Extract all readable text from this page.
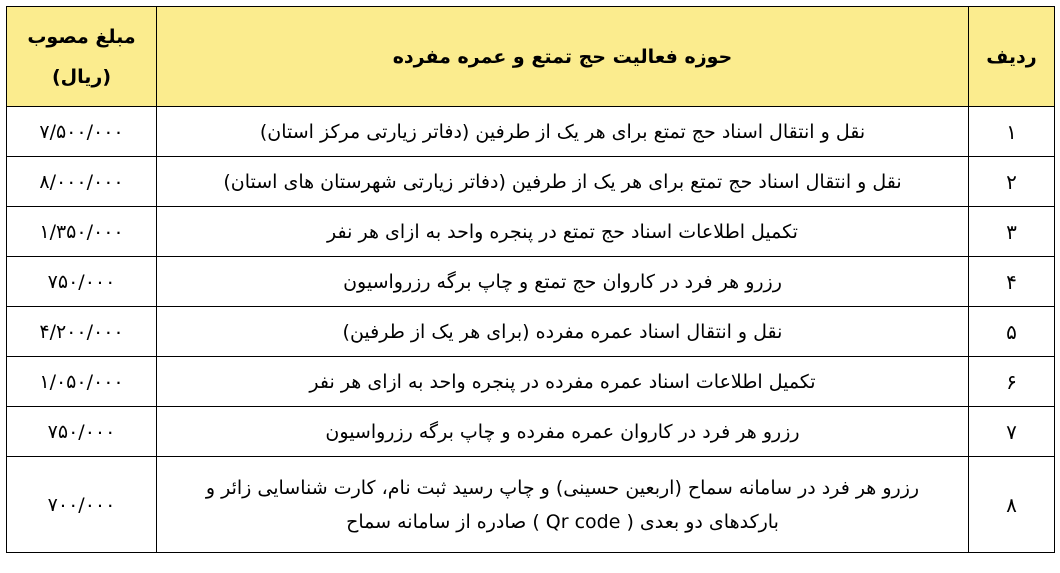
ردیف	حوزه فعالیت حج تمتع و عمره مفرده	مبلغ مصوب
(ریال)

۱	نقل و انتقال اسناد حج تمتع برای هر یک از طرفین (دفاتر زیارتی مرکز استان)	۷/۵۰۰/۰۰۰
۲	نقل و انتقال اسناد حج تمتع برای هر یک از طرفین (دفاتر زیارتی شهرستان های استان)	۸/۰۰۰/۰۰۰
۳	تکمیل اطلاعات اسناد حج تمتع در پنجره واحد به ازای هر نفر	۱/۳۵۰/۰۰۰
۴	رزرو هر فرد در کاروان حج تمتع و چاپ برگه رزرواسیون	۷۵۰/۰۰۰
۵	نقل و انتقال اسناد عمره مفرده (برای هر یک از طرفین)	۴/۲۰۰/۰۰۰
۶	تکمیل اطلاعات اسناد عمره مفرده در پنجره واحد به ازای هر نفر	۱/۰۵۰/۰۰۰
۷	رزرو هر فرد در کاروان عمره مفرده و چاپ برگه رزرواسیون	۷۵۰/۰۰۰
۸	رزرو هر فرد در سامانه سماح (اربعین حسینی) و چاپ رسید ثبت نام، کارت شناسایی زائر و بارکدهای دو بعدی ( Qr code ) صادره از سامانه سماح	۷۰۰/۰۰۰
